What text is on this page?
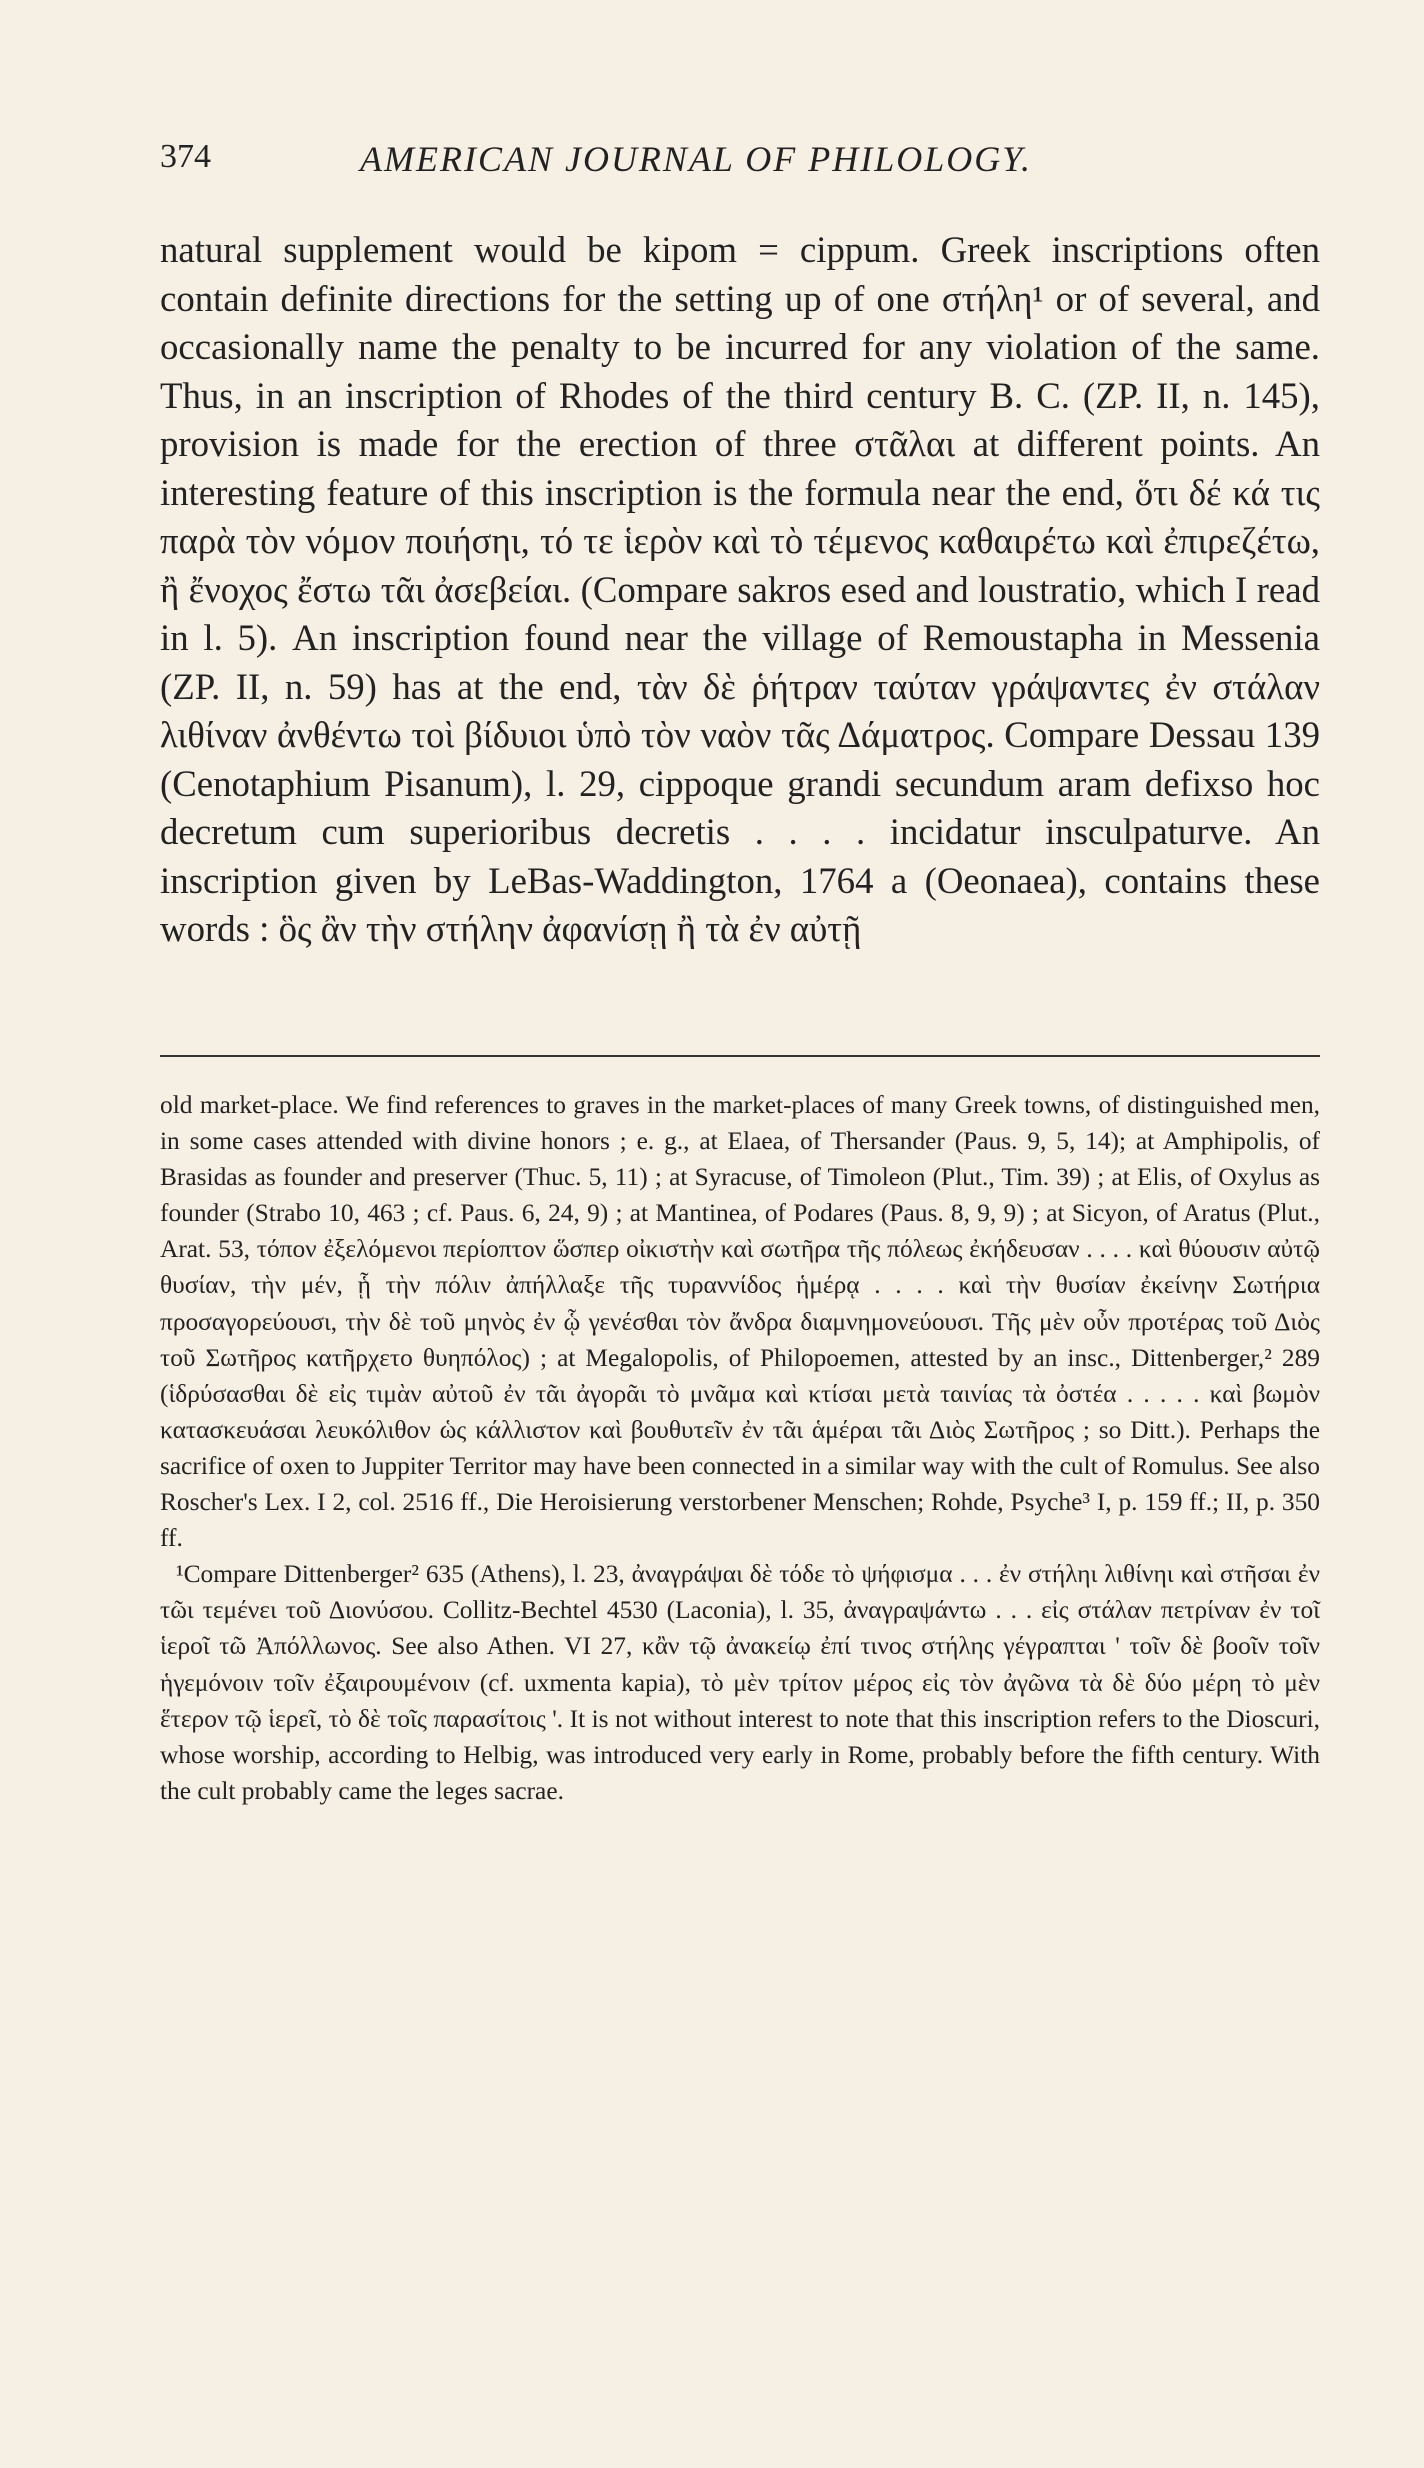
374	AMERICAN JOURNAL OF PHILOLOGY.

natural supplement would be kipom = cippum. Greek inscriptions often contain definite directions for the setting up of one στήλη¹ or of several, and occasionally name the penalty to be incurred for any violation of the same. Thus, in an inscription of Rhodes of the third century B. C. (ZP. II, n. 145), provision is made for the erection of three στᾶλαι at different points. An interesting feature of this inscription is the formula near the end, ὅτι δέ κά τις παρὰ τὸν νόμον ποιήσηι, τό τε ἱερὸν καὶ τὸ τέμενος καθαιρέτω καὶ ἐπιρεζέτω, ἢ ἔνοχος ἔστω τᾶι ἀσεβείαι. (Compare sakros esed and loustratio, which I read in l. 5). An inscription found near the village of Remoustapha in Messenia (ZP. II, n. 59) has at the end, τὰν δὲ ῥήτραν ταύταν γράψαντες ἐν στάλαν λιθίναν ἀνθέντω τοὶ βίδυιοι ὑπὸ τὸν ναὸν τᾶς Δάματρος. Compare Dessau 139 (Cenotaphium Pisanum), l. 29, cippoque grandi secundum aram defixso hoc decretum cum superioribus decretis . . . . incidatur insculpaturve. An inscription given by LeBas-Waddington, 1764 a (Oeonaea), contains these words : ὃς ἂν τὴν στήλην ἀφανίσῃ ἢ τὰ ἐν αὐτῇ

old market-place. We find references to graves in the market-places of many Greek towns, of distinguished men, in some cases attended with divine honors ; e. g., at Elaea, of Thersander (Paus. 9, 5, 14); at Amphipolis, of Brasidas as founder and preserver (Thuc. 5, 11) ; at Syracuse, of Timoleon (Plut., Tim. 39) ; at Elis, of Oxylus as founder (Strabo 10, 463 ; cf. Paus. 6, 24, 9) ; at Mantinea, of Podares (Paus. 8, 9, 9) ; at Sicyon, of Aratus (Plut., Arat. 53, τόπον ἐξελόμενοι περίοπτον ὥσπερ οἰκιστὴν καὶ σωτῆρα τῆς πόλεως ἐκήδευσαν . . . . καὶ θύουσιν αὐτῷ θυσίαν, τὴν μέν, ᾗ τὴν πόλιν ἀπήλλαξε τῆς τυραννίδος ἡμέρᾳ . . . . καὶ τὴν θυσίαν ἐκείνην Σωτήρια προσαγορεύουσι, τὴν δὲ τοῦ μηνὸς ἐν ᾧ γενέσθαι τὸν ἄνδρα διαμνημονεύουσι. Τῆς μὲν οὖν προτέρας τοῦ Διὸς τοῦ Σωτῆρος κατῆρχετο θυηπόλος) ; at Megalopolis, of Philopoemen, attested by an insc., Dittenberger,² 289 (ἱδρύσασθαι δὲ εἰς τιμὰν αὐτοῦ ἐν τᾶι ἀγορᾶι τὸ μνᾶμα καὶ κτίσαι μετὰ ταινίας τὰ ὀστέα . . . . . καὶ βωμὸν κατασκευάσαι λευκόλιθον ὡς κάλλιστον καὶ βουθυτεῖν ἐν τᾶι ἁμέραι τᾶι Διὸς Σωτῆρος ; so Ditt.). Perhaps the sacrifice of oxen to Juppiter Territor may have been connected in a similar way with the cult of Romulus. See also Roscher's Lex. I 2, col. 2516 ff., Die Heroisierung verstorbener Menschen; Rohde, Psyche³ I, p. 159 ff.; II, p. 350 ff.

¹Compare Dittenberger² 635 (Athens), l. 23, ἀναγράψαι δὲ τόδε τὸ ψήφισμα . . . ἐν στήληι λιθίνηι καὶ στῆσαι ἐν τῶι τεμένει τοῦ Διονύσου. Collitz-Bechtel 4530 (Laconia), l. 35, ἀναγραψάντω . . . εἰς στάλαν πετρίναν ἐν τοῖ ἱεροῖ τῶ Ἀπόλλωνος. See also Athen. VI 27, κἂν τῷ ἀνακείῳ ἐπί τινος στήλης γέγραπται ' τοῖν δὲ βοοῖν τοῖν ἡγεμόνοιν τοῖν ἐξαιρουμένοιν (cf. uxmenta kapia), τὸ μὲν τρίτον μέρος εἰς τὸν ἀγῶνα τὰ δὲ δύο μέρη τὸ μὲν ἕτερον τῷ ἱερεῖ, τὸ δὲ τοῖς παρασίτοις '. It is not without interest to note that this inscription refers to the Dioscuri, whose worship, according to Helbig, was introduced very early in Rome, probably before the fifth century. With the cult probably came the leges sacrae.
